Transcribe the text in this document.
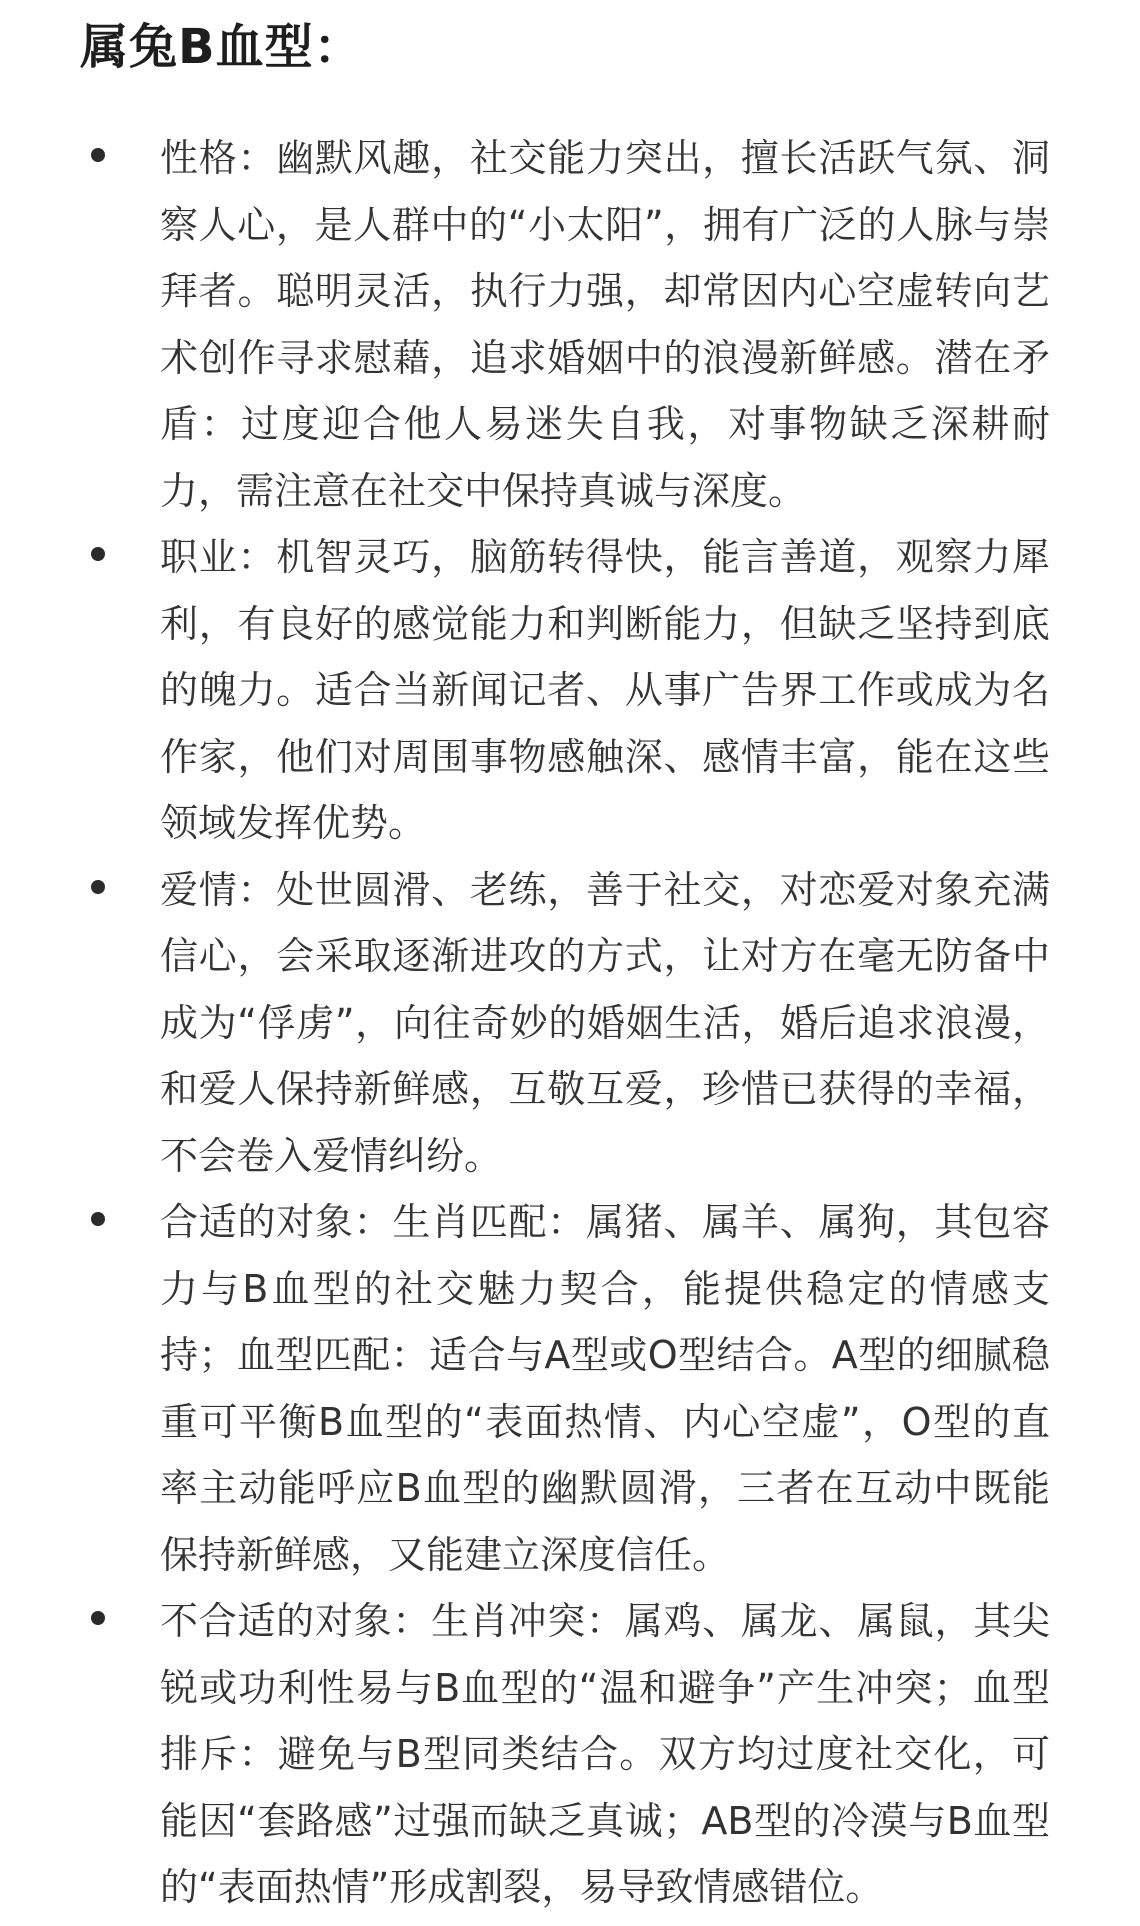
属兔B血型：
性格：幽默风趣，社交能力突出，擅长活跃气氛、洞察人心，是人群中的“小太阳”，拥有广泛的人脉与崇拜者。聪明灵活，执行力强，却常因内心空虚转向艺术创作寻求慰藉，追求婚姻中的浪漫新鲜感。潜在矛盾：过度迎合他人易迷失自我，对事物缺乏深耕耐力，需注意在社交中保持真诚与深度。
职业：机智灵巧，脑筋转得快，能言善道，观察力犀利，有良好的感觉能力和判断能力，但缺乏坚持到底的魄力。适合当新闻记者、从事广告界工作或成为名作家，他们对周围事物感触深、感情丰富，能在这些领域发挥优势。
爱情：处世圆滑、老练，善于社交，对恋爱对象充满信心，会采取逐渐进攻的方式，让对方在毫无防备中成为“俘虏”，向往奇妙的婚姻生活，婚后追求浪漫，和爱人保持新鲜感，互敬互爱，珍惜已获得的幸福，不会卷入爱情纠纷。
合适的对象：生肖匹配：属猪、属羊、属狗，其包容力与B血型的社交魅力契合，能提供稳定的情感支持；血型匹配：适合与A型或O型结合。A型的细腻稳重可平衡B血型的“表面热情、内心空虚”，O型的直率主动能呼应B血型的幽默圆滑，三者在互动中既能保持新鲜感，又能建立深度信任。
不合适的对象：生肖冲突：属鸡、属龙、属鼠，其尖锐或功利性易与B血型的“温和避争”产生冲突；血型排斥：避免与B型同类结合。双方均过度社交化，可能因“套路感”过强而缺乏真诚；AB型的冷漠与B血型的“表面热情”形成割裂，易导致情感错位。
